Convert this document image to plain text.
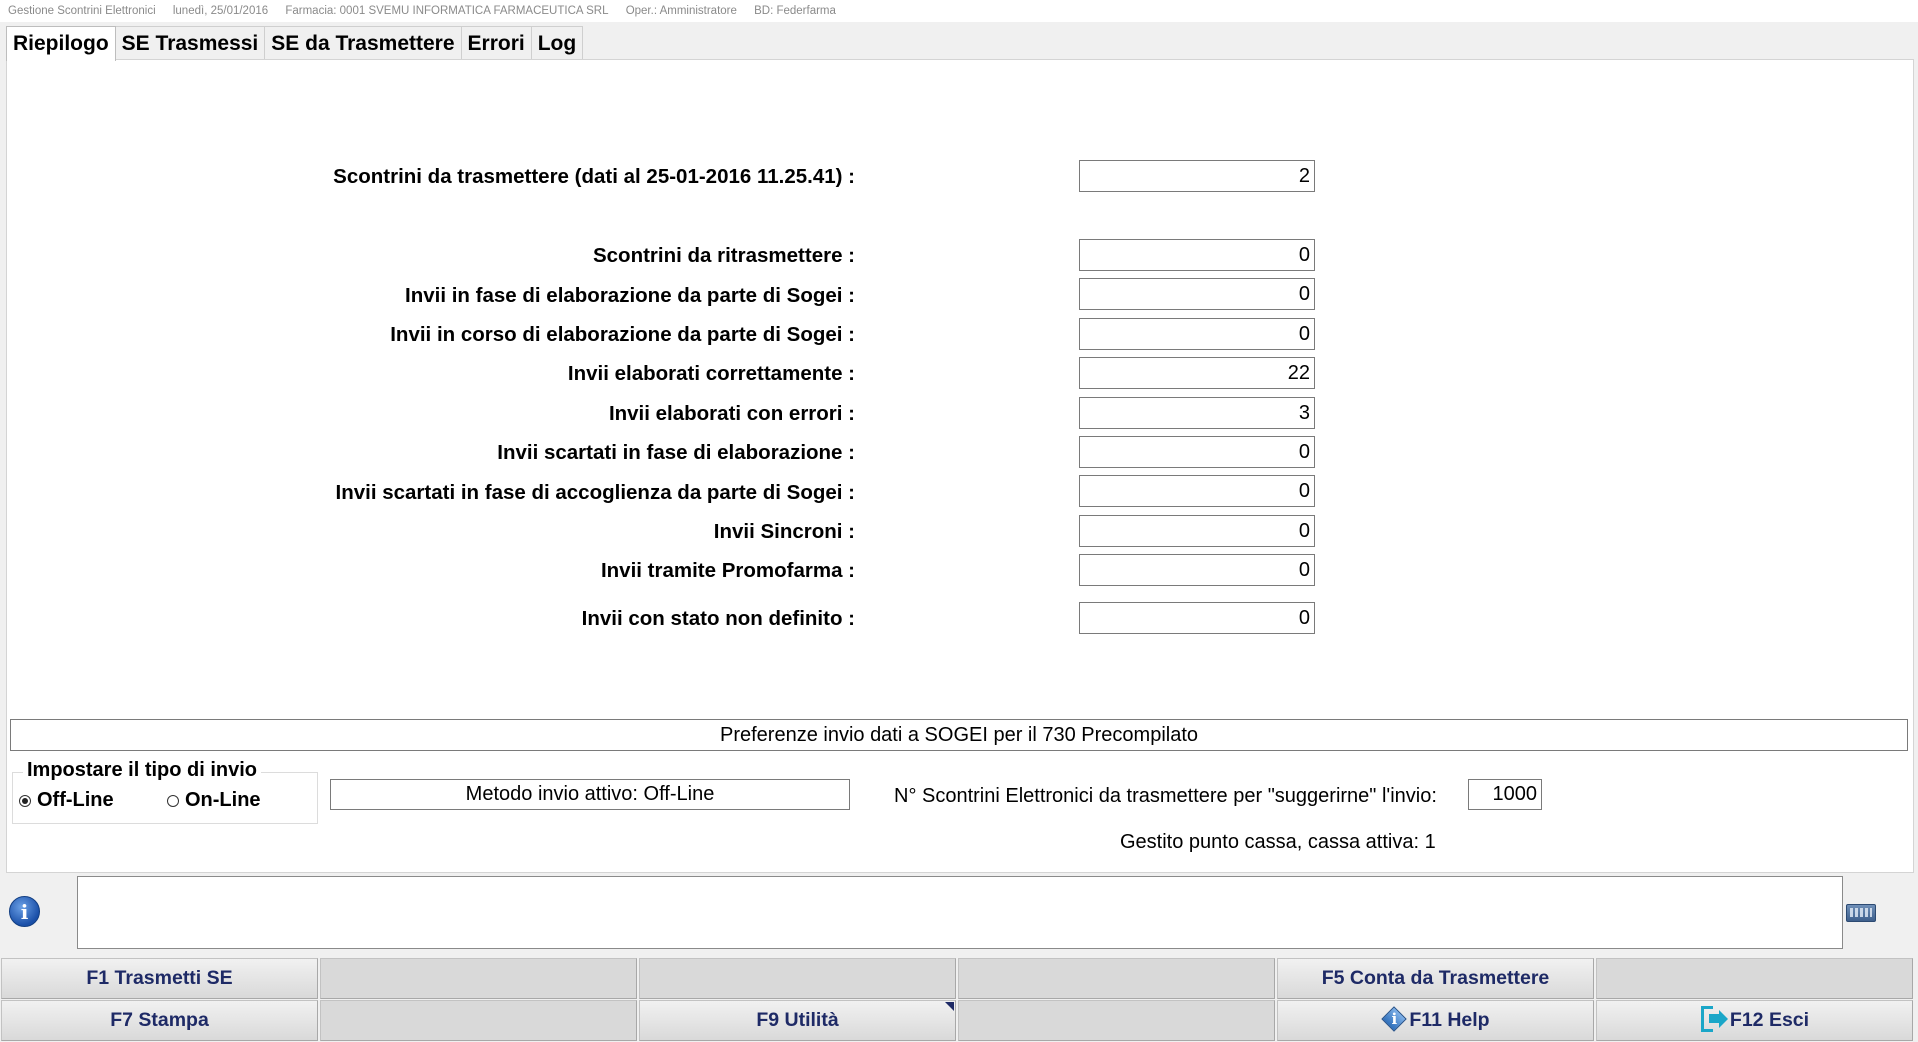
Gestione Scontrini Elettronici lunedì, 25/01/2016 Farmacia: 0001 SVEMU INFORMATICA FARMACEUTICA SRL Oper.: Amministratore BD: Federfarma
Riepilogo SE Trasmessi SE da Trasmettere Errori Log
Scontrini da trasmettere (dati al 25-01-2016 11.25.41) :	2
Scontrini da ritrasmettere :	0
Invii in fase di elaborazione da parte di Sogei :	0
Invii in corso di elaborazione da parte di Sogei :	0
Invii elaborati correttamente :	22
Invii elaborati con errori :	3
Invii scartati in fase di elaborazione :	0
Invii scartati in fase di accoglienza da parte di Sogei :	0
Invii Sincroni :	0
Invii tramite Promofarma :	0
Invii con stato non definito :	0
Preferenze invio dati a SOGEI per il 730 Precompilato
Impostare il tipo di invio
Off-Line	On-Line	Metodo invio attivo: Off-Line	N° Scontrini Elettronici da trasmettere per "suggerirne" l'invio:	1000
Gestito punto cassa, cassa attiva: 1
i
F1 Trasmetti SE	F5 Conta da Trasmettere
F7 Stampa	F9 Utilità	i F11 Help	F12 Esci
